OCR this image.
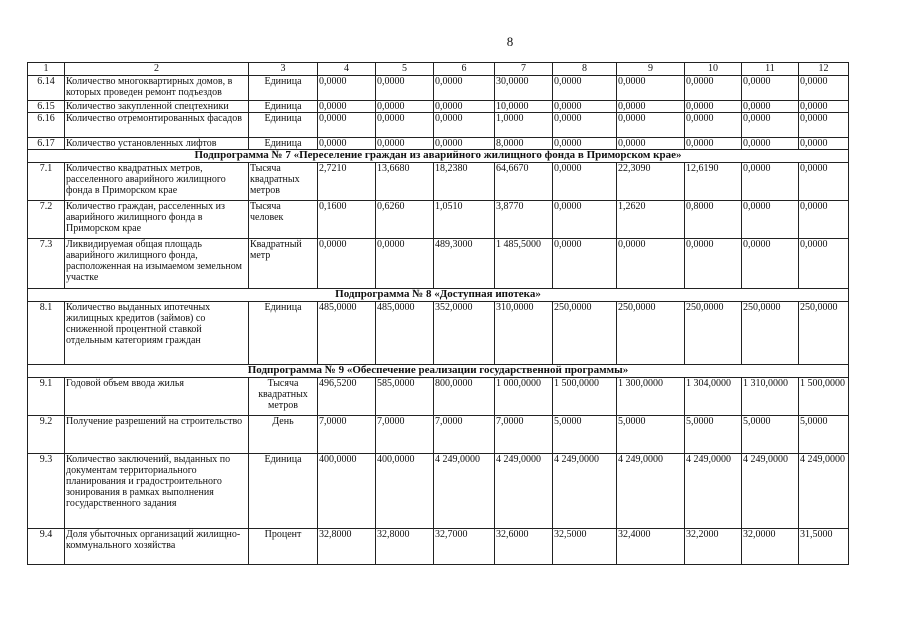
8
1	2	3	4	5	6	7	8	9	10	11	12
6.14	Количество многоквартирных домов, в которых проведен ремонт подъездов	Единица	0,0000	0,0000	0,0000	30,0000	0,0000	0,0000	0,0000	0,0000	0,0000
6.15	Количество закупленной спецтехники	Единица	0,0000	0,0000	0,0000	10,0000	0,0000	0,0000	0,0000	0,0000	0,0000
6.16	Количество отремонтированных фасадов	Единица	0,0000	0,0000	0,0000	1,0000	0,0000	0,0000	0,0000	0,0000	0,0000
6.17	Количество установленных лифтов	Единица	0,0000	0,0000	0,0000	8,0000	0,0000	0,0000	0,0000	0,0000	0,0000
Подпрограмма № 7 «Переселение граждан из аварийного жилищного фонда в Приморском крае»											
7.1	Количество квадратных метров, расселенного аварийного жилищного фонда в Приморском крае	Тысяча квадратных метров	2,7210	13,6680	18,2380	64,6670	0,0000	22,3090	12,6190	0,0000	0,0000
7.2	Количество граждан, расселенных из аварийного жилищного фонда в Приморском крае	Тысяча человек	0,1600	0,6260	1,0510	3,8770	0,0000	1,2620	0,8000	0,0000	0,0000
7.3	Ликвидируемая общая площадь аварийного жилищного фонда, расположенная на изымаемом земельном участке	Квадратный метр	0,0000	0,0000	489,3000	1 485,5000	0,0000	0,0000	0,0000	0,0000	0,0000
Подпрограмма № 8 «Доступная ипотека»											
8.1	Количество выданных ипотечных жилищных кредитов (займов) со сниженной процентной ставкой отдельным категориям граждан	Единица	485,0000	485,0000	352,0000	310,0000	250,0000	250,0000	250,0000	250,0000	250,0000
Подпрограмма № 9 «Обеспечение реализации государственной программы»											
9.1	Годовой объем ввода жилья	Тысяча квадратных метров	496,5200	585,0000	800,0000	1 000,0000	1 500,0000	1 300,0000	1 304,0000	1 310,0000	1 500,0000
9.2	Получение разрешений на строительство	День	7,0000	7,0000	7,0000	7,0000	5,0000	5,0000	5,0000	5,0000	5,0000
9.3	Количество заключений, выданных по документам территориального планирования и градостроительного зонирования в рамках выполнения государственного задания	Единица	400,0000	400,0000	4 249,0000	4 249,0000	4 249,0000	4 249,0000	4 249,0000	4 249,0000	4 249,0000
9.4	Доля убыточных организаций жилищно-коммунального хозяйства	Процент	32,8000	32,8000	32,7000	32,6000	32,5000	32,4000	32,2000	32,0000	31,5000
